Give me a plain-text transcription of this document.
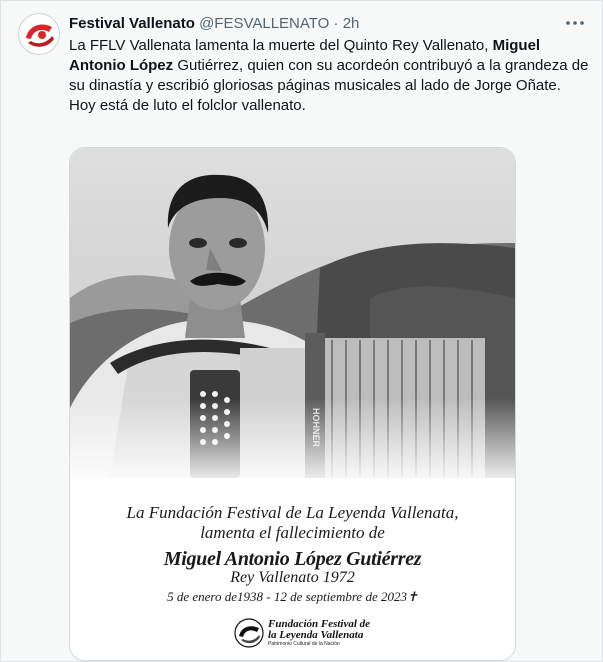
Festival Vallenato @FESVALLENATO · 2h
La FFLV Vallenata lamenta la muerte del Quinto Rey Vallenato, Miguel Antonio López Gutiérrez, quien con su acordeón contribuyó a la grandeza de su dinastía y escribió gloriosas páginas musicales al lado de Jorge Oñate.
Hoy está de luto el folclor vallenato.
La Fundación Festival de La Leyenda Vallenata,
lamenta el fallecimiento de
Miguel Antonio López Gutiérrez
Rey Vallenato 1972
5 de enero de1938 - 12 de septiembre de 2023✝
Fundación Festival de
la Leyenda Vallenata
Patrimonio Cultural de la Nación
